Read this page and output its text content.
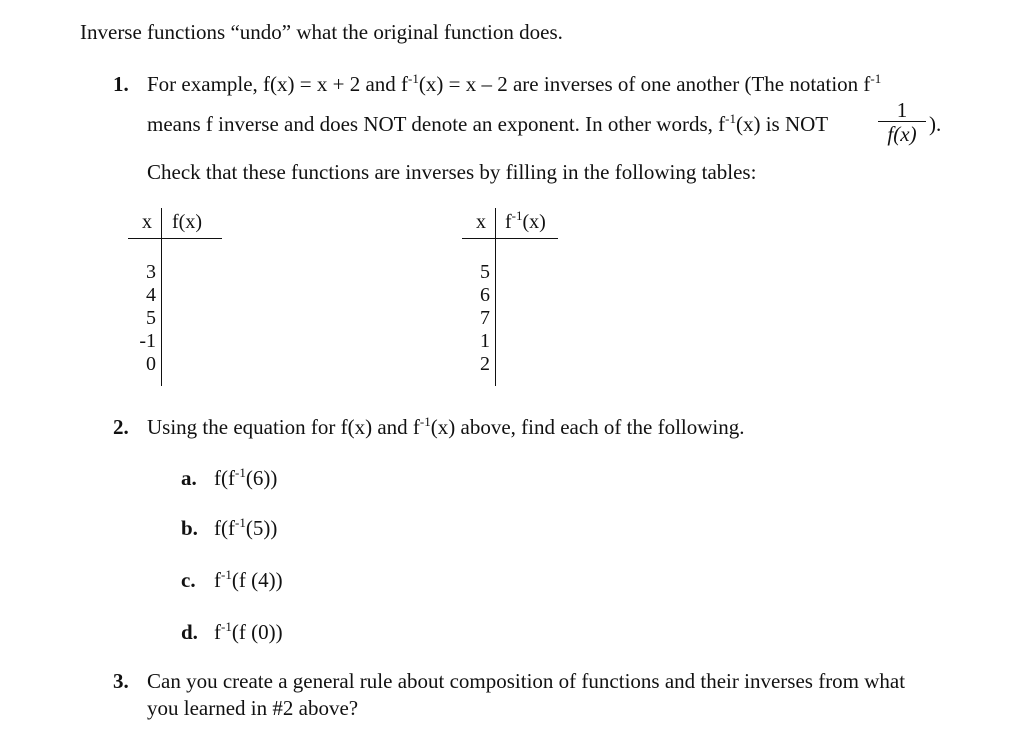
Inverse functions “undo” what the original function does.
1. For example, f(x) = x + 2 and $f^{-1}(x) = x - 2$ are inverses of one another (The notation $f^{-1}$
means f inverse and does NOT denote an exponent. In other words, $f^{-1}(x)$ is NOT
1
f(x) ).
Check that these functions are inverses by filling in the following tables:
x f(x)
3
4
5
-1
0
x $f^{-1}(x)$
5
6
7
1
2
2. Using the equation for f(x) and $f^{-1}(x)$ above, find each of the following.
a. $f(f^{-1}(6))$
b. $f(f^{-1}(5))$
c. $f^{-1}(f$ (4))
d. $f^{-1}(f$ (0))
3. Can you create a general rule about composition of functions and their inverses from what
you learned in #2 above?
